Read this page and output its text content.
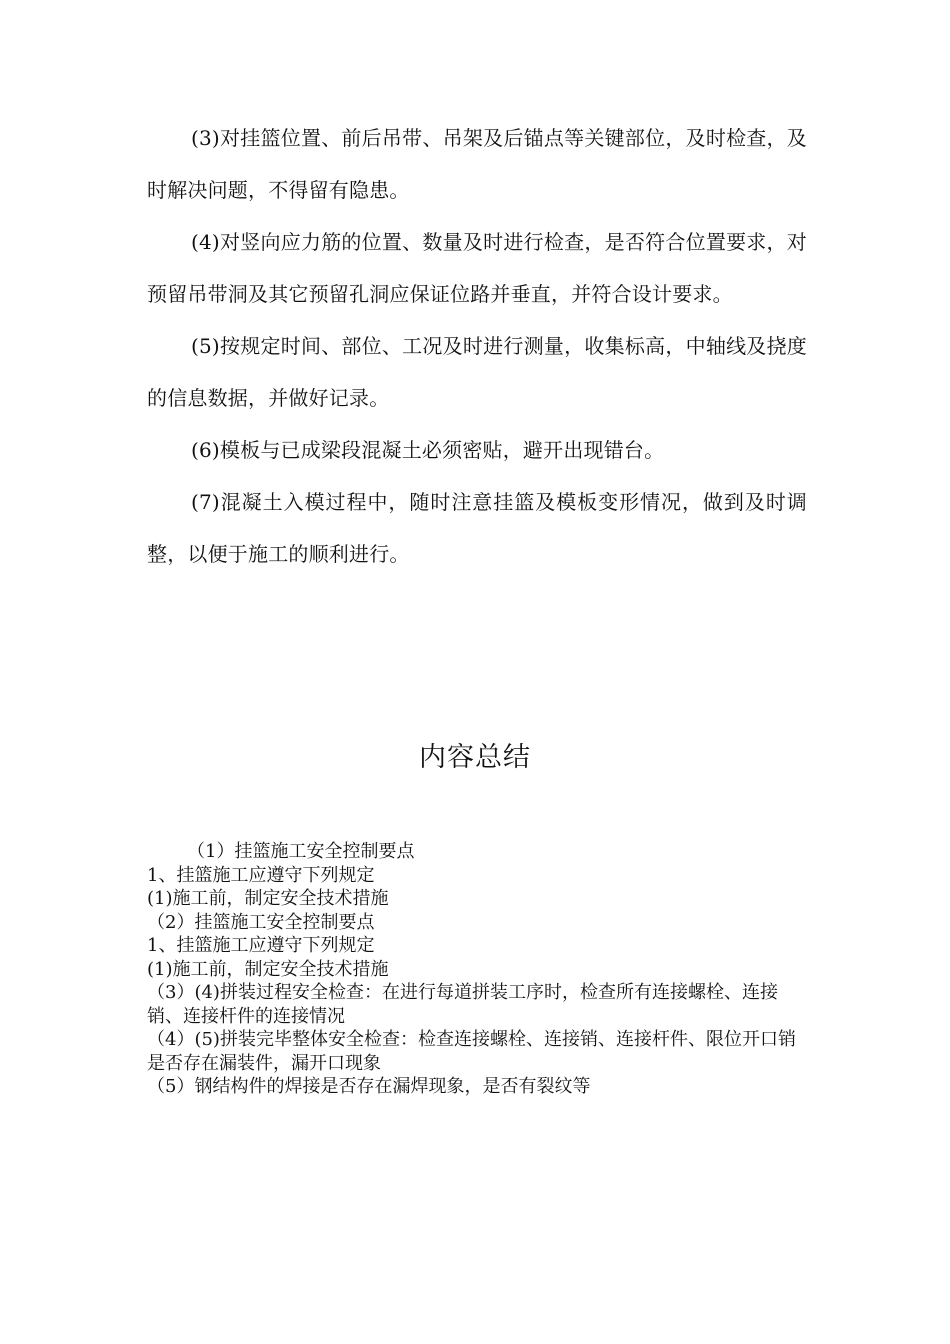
(3)对挂篮位置、前后吊带、吊架及后锚点等关键部位，及时检查，及时解决问题，不得留有隐患。

(4)对竖向应力筋的位置、数量及时进行检查，是否符合位置要求，对预留吊带洞及其它预留孔洞应保证位路并垂直，并符合设计要求。

(5)按规定时间、部位、工况及时进行测量，收集标高，中轴线及挠度的信息数据，并做好记录。

(6)模板与已成梁段混凝土必须密贴，避开出现错台。

(7)混凝土入模过程中，随时注意挂篮及模板变形情况，做到及时调整，以便于施工的顺利进行。

内容总结
（1）挂篮施工安全控制要点
1、挂篮施工应遵守下列规定
(1)施工前，制定安全技术措施
（2）挂篮施工安全控制要点
1、挂篮施工应遵守下列规定
(1)施工前，制定安全技术措施
（3）(4)拼装过程安全检查：在进行每道拼装工序时，检查所有连接螺栓、连接销、连接杆件的连接情况
（4）(5)拼装完毕整体安全检查：检查连接螺栓、连接销、连接杆件、限位开口销是否存在漏装件，漏开口现象
（5）钢结构件的焊接是否存在漏焊现象，是否有裂纹等
